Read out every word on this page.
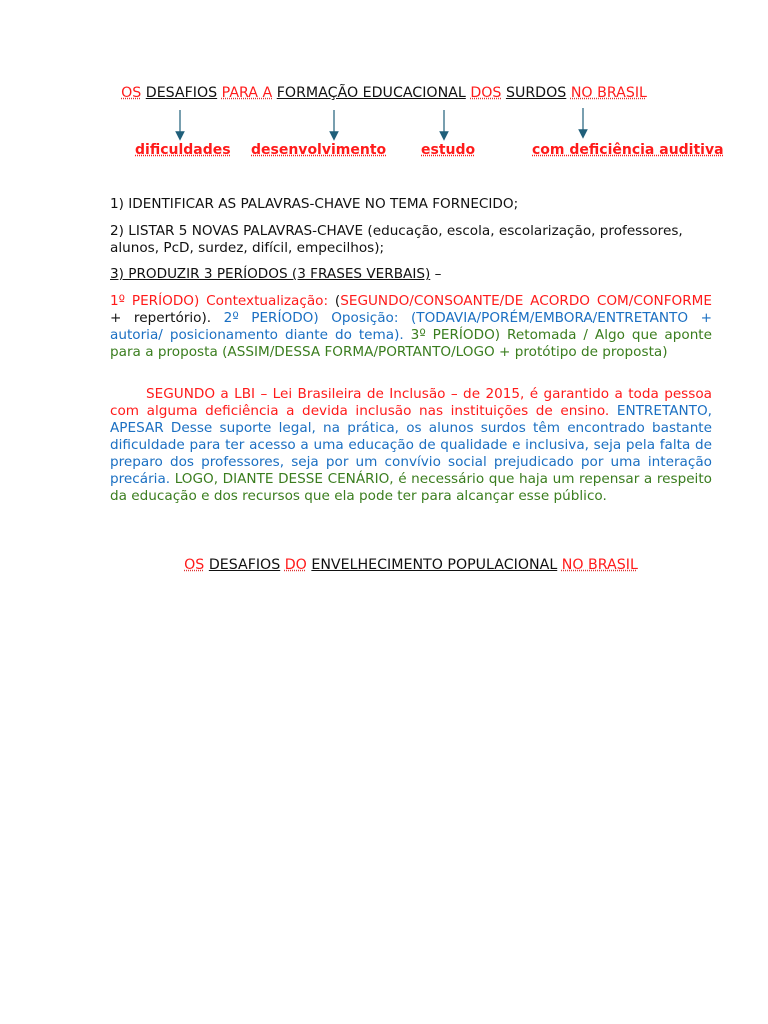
OS DESAFIOS PARA A FORMAÇÃO EDUCACIONAL DOS SURDOS NO BRASIL
dificuldades desenvolvimento estudo	com deficiência auditiva
1) IDENTIFICAR AS PALAVRAS-CHAVE NO TEMA FORNECIDO;
2) LISTAR 5 NOVAS PALAVRAS-CHAVE (educação, escola, escolarização, professores, alunos, PcD, surdez, difícil, empecilhos);
3) PRODUZIR 3 PERÍODOS (3 FRASES VERBAIS) –
1º PERÍODO) Contextualização: (SEGUNDO/CONSOANTE/DE ACORDO COM/CONFORME + repertório). 2º PERÍODO) Oposição: (TODAVIA/PORÉM/EMBORA/ENTRETANTO + autoria/ posicionamento diante do tema). 3º PERÍODO) Retomada / Algo que aponte para a proposta (ASSIM/DESSA FORMA/PORTANTO/LOGO + protótipo de proposta)
SEGUNDO a LBI – Lei Brasileira de Inclusão – de 2015, é garantido a toda pessoa com alguma deficiência a devida inclusão nas instituições de ensino. ENTRETANTO, APESAR Desse suporte legal, na prática, os alunos surdos têm encontrado bastante dificuldade para ter acesso a uma educação de qualidade e inclusiva, seja pela falta de preparo dos professores, seja por um convívio social prejudicado por uma interação precária. LOGO, DIANTE DESSE CENÁRIO, é necessário que haja um repensar a respeito da educação e dos recursos que ela pode ter para alcançar esse público.
OS DESAFIOS DO ENVELHECIMENTO POPULACIONAL NO BRASIL
